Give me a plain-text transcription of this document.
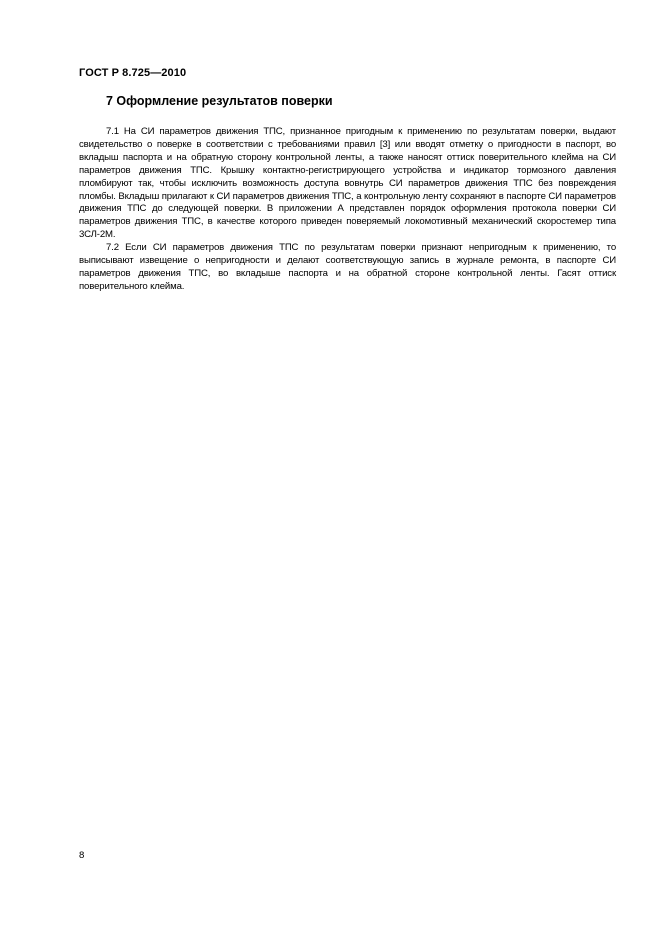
ГОСТ Р 8.725—2010
7 Оформление результатов поверки

7.1 На СИ параметров движения ТПС, признанное пригодным к применению по результатам поверки, выдают свидетельство о поверке в соответствии с требованиями правил [3] или вводят отметку о пригодности в паспорт, во вкладыш паспорта и на обратную сторону контрольной ленты, а также наносят оттиск поверительного клейма на СИ параметров движения ТПС. Крышку контактно-регистрирующего устройства и индикатор тормозного давления пломбируют так, чтобы исключить возможность доступа вовнутрь СИ параметров движения ТПС без повреждения пломбы. Вкладыш прилагают к СИ параметров движения ТПС, а контрольную ленту сохраняют в паспорте СИ параметров движения ТПС до следующей поверки. В приложении А представлен порядок оформления протокола поверки СИ параметров движения ТПС, в качестве которого приведен поверяемый локомотивный механический скоростемер типа 3СЛ-2М.

7.2 Если СИ параметров движения ТПС по результатам поверки признают непригодным к применению, то выписывают извещение о непригодности и делают соответствующую запись в журнале ремонта, в паспорте СИ параметров движения ТПС, во вкладыше паспорта и на обратной стороне контрольной ленты. Гасят оттиск поверительного клейма.

8
